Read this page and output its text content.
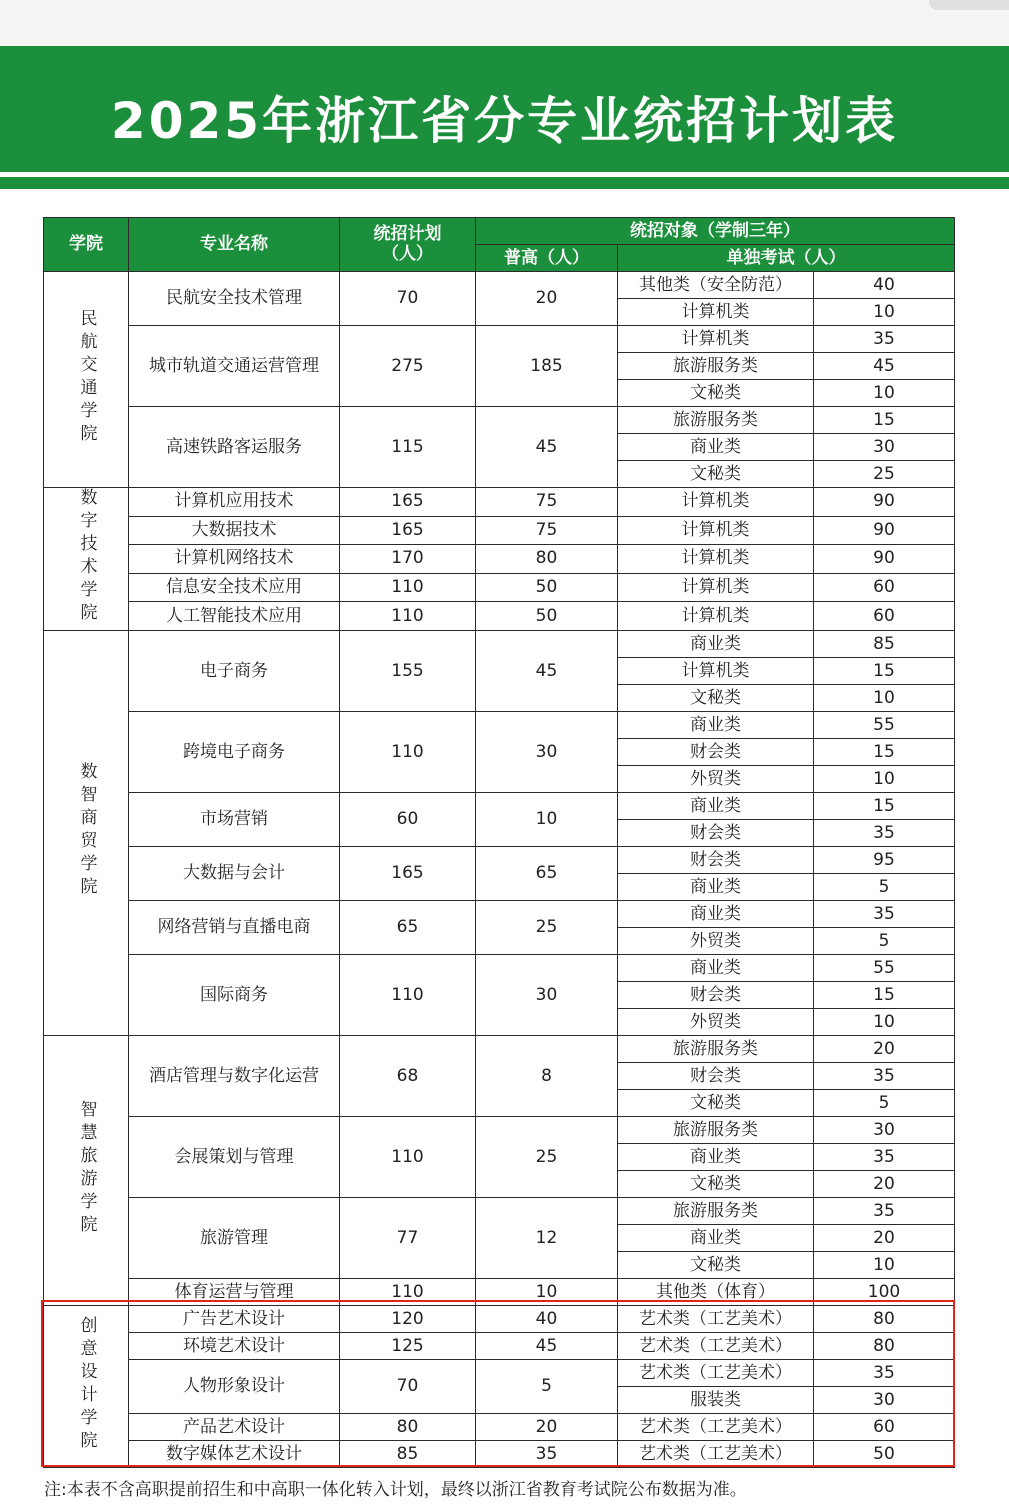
2025年浙江省分专业统招计划表
学院	专业名称	统招计划（人）	统招对象（学制三年）		
			普高（人）	单独考试（人）	
民航交通学院	民航安全技术管理	70	20	其他类（安全防范）	40
				计算机类	10
	城市轨道交通运营管理	275	185	计算机类	35
				旅游服务类	45
				文秘类	10
	高速铁路客运服务	115	45	旅游服务类	15
				商业类	30
				文秘类	25
数字技术学院	计算机应用技术	165	75	计算机类	90
	大数据技术	165	75	计算机类	90
	计算机网络技术	170	80	计算机类	90
	信息安全技术应用	110	50	计算机类	60
	人工智能技术应用	110	50	计算机类	60
数智商贸学院	电子商务	155	45	商业类	85
				计算机类	15
				文秘类	10
	跨境电子商务	110	30	商业类	55
				财会类	15
				外贸类	10
	市场营销	60	10	商业类	15
				财会类	35
	大数据与会计	165	65	财会类	95
				商业类	5
	网络营销与直播电商	65	25	商业类	35
				外贸类	5
	国际商务	110	30	商业类	55
				财会类	15
				外贸类	10
智慧旅游学院	酒店管理与数字化运营	68	8	旅游服务类	20
				财会类	35
				文秘类	5
	会展策划与管理	110	25	旅游服务类	30
				商业类	35
				文秘类	20
	旅游管理	77	12	旅游服务类	35
				商业类	20
				文秘类	10
	体育运营与管理	110	10	其他类（体育）	100
创意设计学院	广告艺术设计	120	40	艺术类（工艺美术）	80
	环境艺术设计	125	45	艺术类（工艺美术）	80
	人物形象设计	70	5	艺术类（工艺美术）	35
				服装类	30
	产品艺术设计	80	20	艺术类（工艺美术）	60
	数字媒体艺术设计	85	35	艺术类（工艺美术）	50
注:本表不含高职提前招生和中高职一体化转入计划，最终以浙江省教育考试院公布数据为准。
